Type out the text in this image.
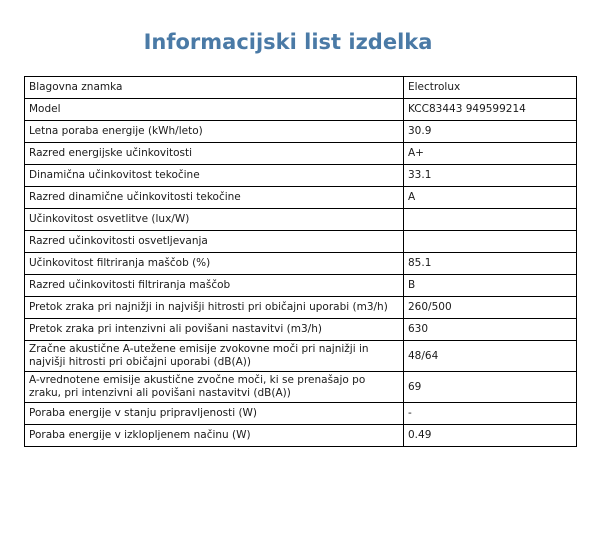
Informacijski list izdelka
Blagovna znamka	Electrolux
Model	KCC83443 949599214
Letna poraba energije (kWh/leto)	30.9
Razred energijske učinkovitosti	A+
Dinamična učinkovitost tekočine	33.1
Razred dinamične učinkovitosti tekočine	A
Učinkovitost osvetlitve (lux/W)	
Razred učinkovitosti osvetljevanja	
Učinkovitost filtriranja maščob (%)	85.1
Razred učinkovitosti filtriranja maščob	B
Pretok zraka pri najnižji in najvišji hitrosti pri običajni uporabi (m3/h)	260/500
Pretok zraka pri intenzivni ali povišani nastavitvi (m3/h)	630
Zračne akustične A-utežene emisije zvokovne moči pri najnižji in najvišji hitrosti pri običajni uporabi (dB(A))	48/64
A-vrednotene emisije akustične zvočne moči, ki se prenašajo po zraku, pri intenzivni ali povišani nastavitvi (dB(A))	69
Poraba energije v stanju pripravljenosti (W)	-
Poraba energije v izklopljenem načinu (W)	0.49
